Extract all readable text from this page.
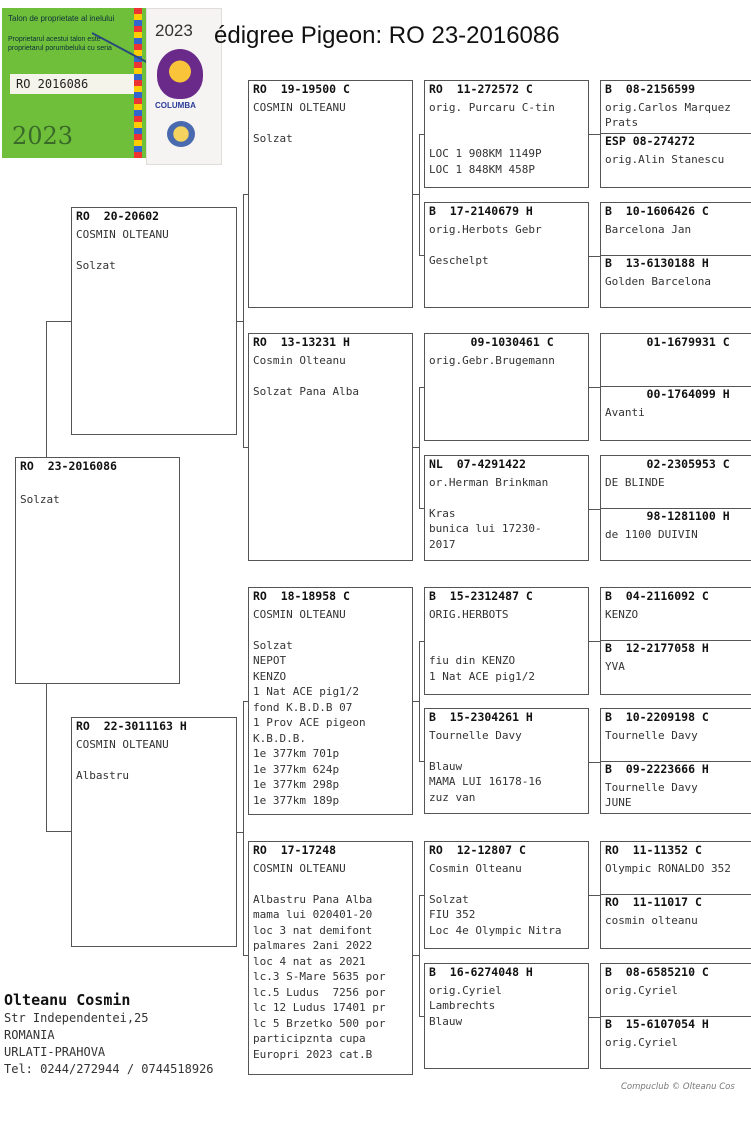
Talon de proprietate al inelului
Proprietarul acestui talon este
proprietarul porumbelului cu seria
RO 2016086
2023
2023
COLUMBA
édigree Pigeon: RO 23-2016086
RO  23-2016086
Solzat
RO  20-20602
COSMIN OLTEANU
Solzat
RO  22-3011163 H
COSMIN OLTEANU
Albastru
RO  19-19500 C
COSMIN OLTEANU
Solzat
RO  13-13231 H
Cosmin Olteanu
Solzat Pana Alba
RO  18-18958 C
COSMIN OLTEANU
Solzat
NEPOT
KENZO
1 Nat ACE pig1/2
fond K.B.D.B 07
1 Prov ACE pigeon
K.B.D.B.
1e 377km 701p
1e 377km 624p
1e 377km 298p
1e 377km 189p
RO  17-17248
COSMIN OLTEANU
Albastru Pana Alba
mama lui 020401-20
loc 3 nat demifont
palmares 2ani 2022
loc 4 nat as 2021
lc.3 S-Mare 5635 por
lc.5 Ludus  7256 por
lc 12 Ludus 17401 pr
lc 5 Brzetko 500 por
participznta cupa
Europri 2023 cat.B
RO  11-272572 C
orig. Purcaru C-tin
LOC 1 908KM 1149P
LOC 1 848KM 458P
B  17-2140679 H
orig.Herbots Gebr
Geschelpt
09-1030461 C
orig.Gebr.Brugemann
NL  07-4291422
or.Herman Brinkman
Kras
bunica lui 17230-
2017
B  15-2312487 C
ORIG.HERBOTS
fiu din KENZO
1 Nat ACE pig1/2
B  15-2304261 H
Tournelle Davy
Blauw
MAMA LUI 16178-16
zuz van
RO  12-12807 C
Cosmin Olteanu
Solzat
FIU 352
Loc 4e Olympic Nitra
B  16-6274048 H
orig.Cyriel
Lambrechts
Blauw
B  08-2156599
orig.Carlos Marquez
Prats
ESP 08-274272
orig.Alin Stanescu
B  10-1606426 C
Barcelona Jan
B  13-6130188 H
Golden Barcelona
01-1679931 C
00-1764099 H
Avanti
02-2305953 C
DE BLINDE
98-1281100 H
de 1100 DUIVIN
B  04-2116092 C
KENZO
B  12-2177058 H
YVA
B  10-2209198 C
Tournelle Davy
B  09-2223666 H
Tournelle Davy
JUNE
RO  11-11352 C
Olympic RONALDO 352
RO  11-11017 C
cosmin olteanu
B  08-6585210 C
orig.Cyriel
B  15-6107054 H
orig.Cyriel
Olteanu Cosmin
Str Independentei,25
ROMANIA
URLATI-PRAHOVA
Tel: 0244/272944 / 0744518926
Compuclub © Olteanu Cos
